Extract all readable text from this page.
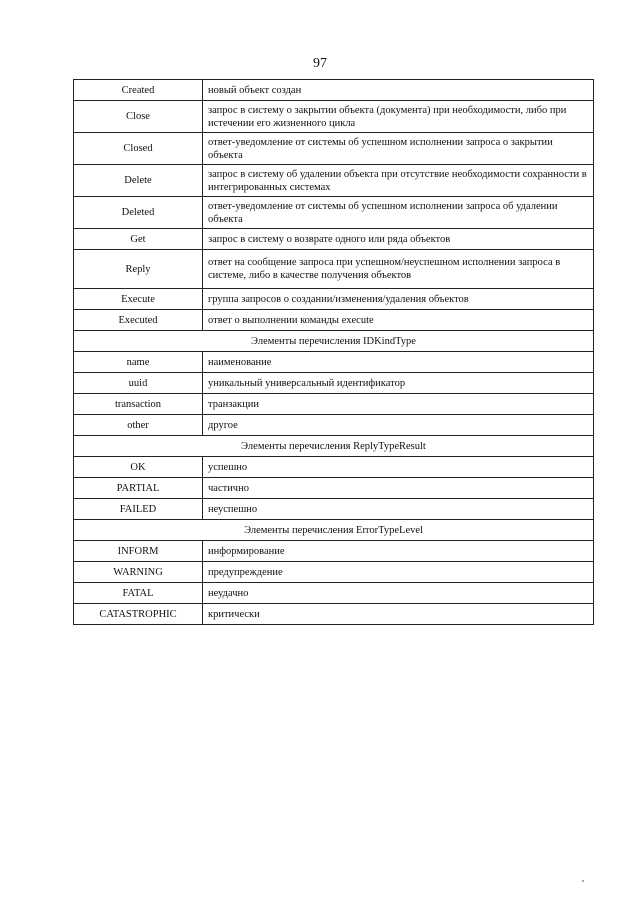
97
Created	новый объект создан
Close	запрос в систему о закрытии объекта (документа) при необходимости, либо при истечении его жизненного цикла
Closed	ответ-уведомление от системы об успешном исполнении запроса о закрытии объекта
Delete	запрос в систему об удалении объекта при отсутствие необходимости сохранности в интегрированных системах
Deleted	ответ-уведомление от системы об успешном исполнении запроса об удалении объекта
Get	запрос в систему о возврате одного или ряда объектов
Reply	ответ на сообщение запроса при успешном/неуспешном исполнении запроса в системе, либо в качестве получения объектов
Execute	группа запросов о создании/изменения/удаления объектов
Executed	ответ о выполнении команды execute
Элементы перечисления IDKindType	
name	наименование
uuid	уникальный универсальный идентификатор
transaction	транзакции
other	другое
Элементы перечисления ReplyTypeResult	
OK	успешно
PARTIAL	частично
FAILED	неуспешно
Элементы перечисления ErrorTypeLevel	
INFORM	информирование
WARNING	предупреждение
FATAL	неудачно
CATASTROPHIC	критически
